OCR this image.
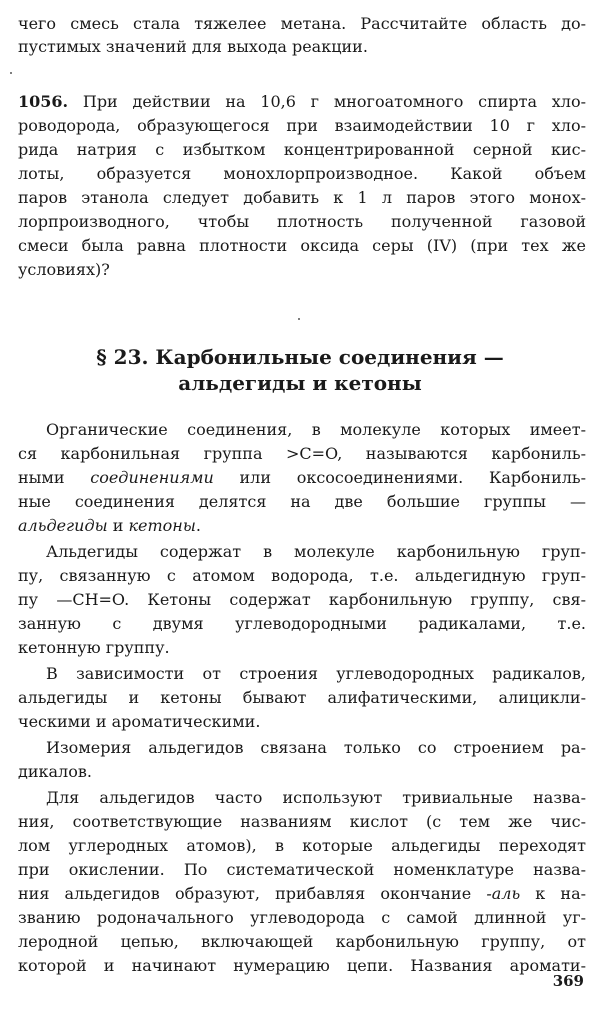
чего смесь стала тяжелее метана. Рассчитайте область до-
пустимых значений для выхода реакции.
1056. При действии на 10,6 г многоатомного спирта хло-
роводорода, образующегося при взаимодействии 10 г хло-
рида натрия с избытком концентрированной серной кис-
лоты, образуется монохлорпроизводное. Какой объем
паров этанола следует добавить к 1 л паров этого монох-
лорпроизводного, чтобы плотность полученной газовой
смеси была равна плотности оксида серы (IV) (при тех же
условиях)?
§ 23. Карбонильные соединения —
альдегиды и кетоны
Органические соединения, в молекуле которых имеет-
ся карбонильная группа >C=O, называются карбониль-
ными соединениями или оксосоединениями. Карбониль-
ные соединения делятся на две большие группы —
альдегиды и кетоны.
Альдегиды содержат в молекуле карбонильную груп-
пу, связанную с атомом водорода, т.е. альдегидную груп-
пу —CH=O. Кетоны содержат карбонильную группу, свя-
занную с двумя углеводородными радикалами, т.е.
кетонную группу.
В зависимости от строения углеводородных радикалов,
альдегиды и кетоны бывают алифатическими, алицикли-
ческими и ароматическими.
Изомерия альдегидов связана только со строением ра-
дикалов.
Для альдегидов часто используют тривиальные назва-
ния, соответствующие названиям кислот (с тем же чис-
лом углеродных атомов), в которые альдегиды переходят
при окислении. По систематической номенклатуре назва-
ния альдегидов образуют, прибавляя окончание -аль к на-
званию родоначального углеводорода с самой длинной уг-
леродной цепью, включающей карбонильную группу, от
которой и начинают нумерацию цепи. Названия аромати-
369
